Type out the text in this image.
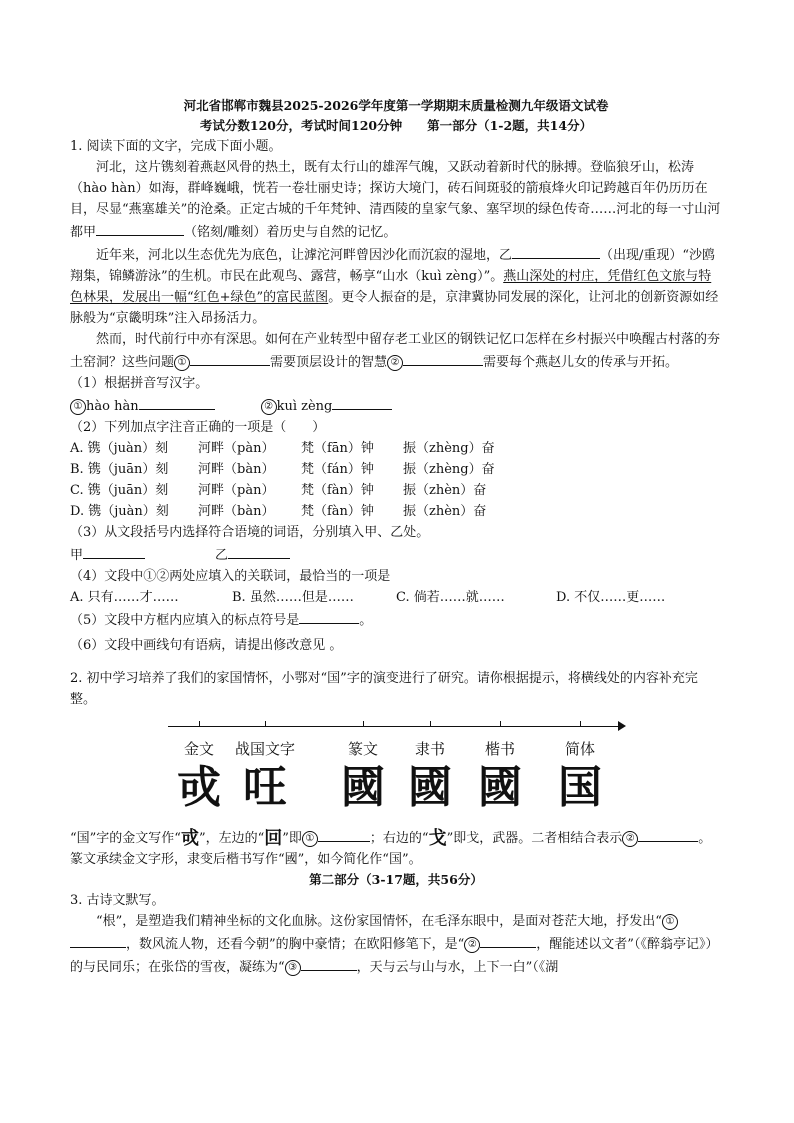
河北省邯郸市魏县2025-2026学年度第一学期期末质量检测九年级语文试卷
考试分数120分，考试时间120分钟　　第一部分（1-2题，共14分）

1. 阅读下面的文字，完成下面小题。

河北，这片镌刻着燕赵风骨的热土，既有太行山的雄浑气魄，又跃动着新时代的脉搏。登临狼牙山，松涛（hào hàn）如海，群峰巍峨，恍若一卷壮丽史诗；探访大境门，砖石间斑驳的箭痕烽火印记跨越百年仍历历在目，尽显“燕塞雄关”的沧桑。正定古城的千年梵钟、清西陵的皇家气象、塞罕坝的绿色传奇……河北的每一寸山河都甲	（铭刻/雕刻）着历史与自然的记忆。

近年来，河北以生态优先为底色，让滹沱河畔曾因沙化而沉寂的湿地，乙	（出现/重现）“沙鸥翔集，锦鳞游泳”的生机。市民在此观鸟、露营，畅享“山水（kuì zèng）”。燕山深处的村庄，凭借红色文旅与特色林果，发展出一幅“红色+绿色”的富民蓝图。更令人振奋的是，京津冀协同发展的深化，让河北的创新资源如经脉般为“京畿明珠”注入昂扬活力。

然而，时代前行中亦有深思。如何在产业转型中留存老工业区的钢铁记忆口怎样在乡村振兴中唤醒古村落的夯土窑洞？这些问题 ①	需要顶层设计的智慧 ②	需要每个燕赵儿女的传承与开拓。

（1）根据拼音写汉字。

① hào hàn	② kuì zèng

（2）下列加点字注音正确的一项是（　　）

A. 镌（juàn）刻	河畔（pàn）	梵（fān）钟	振（zhèng）奋
B. 镌（juān）刻	河畔（bàn）	梵（fán）钟	振（zhèng）奋
C. 镌（juān）刻	河畔（pàn）	梵（fàn）钟	振（zhèn）奋
D. 镌（juàn）刻	河畔（bàn）	梵（fàn）钟	振（zhèn）奋

（3）从文段括号内选择符合语境的词语，分别填入甲、乙处。

甲	乙

（4）文段中①②两处应填入的关联词，最恰当的一项是

A. 只有……才……	B. 虽然……但是……	C. 倘若……就……	D. 不仅……更……

（5）文段中方框内应填入的标点符号是	。

（6）文段中画线句有语病，请提出修改意见 。

2. 初中学习培养了我们的家国情怀，小鄂对“国”字的演变进行了研究。请你根据提示，将横线处的内容补充完整。

金文
戓
战国文字
㕵
篆文
國
隶书
國
楷书
國
简体
国

“国”字的金文写作“戓”，左边的“回”即 ①	；右边的“戈”即戈，武器。二者相结合表示 ②	。篆文承续金文字形，隶变后楷书写作“國”，如今简化作“国”。

第二部分（3-17题，共56分）

3. 古诗文默写。

“根”，是塑造我们精神坐标的文化血脉。这份家国情怀，在毛泽东眼中，是面对苍茫大地，抒发出“ ①，数风流人物，还看今朝”的胸中豪情；在欧阳修笔下，是“ ②	，醒能述以文者”（《醉翁亭记》）的与民同乐；在张岱的雪夜，凝练为“ ③	，天与云与山与水，上下一白”（《湖
